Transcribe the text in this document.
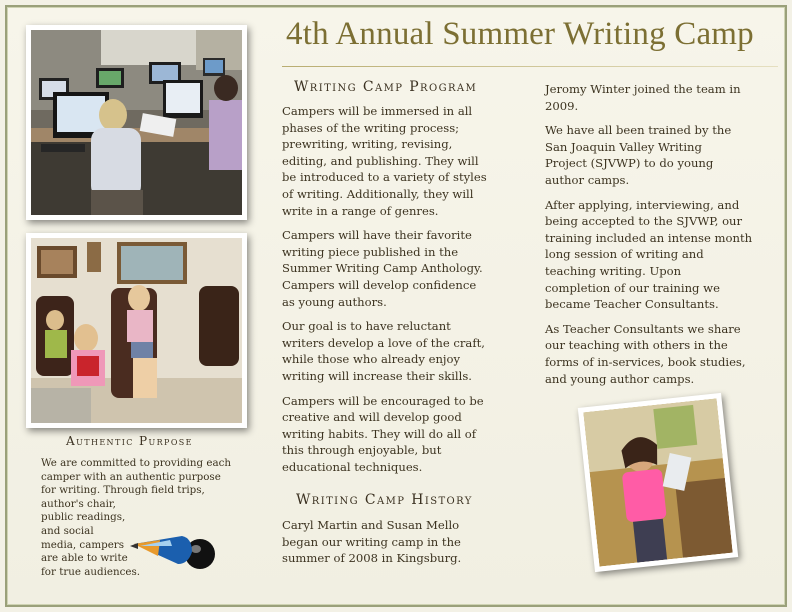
4th Annual Summer Writing Camp
Authentic Purpose
We are committed to providing each
camper with an authentic purpose
for writing. Through field trips,
author's chair,
public readings,
and social
media, campers
are able to write
for true audiences.
Writing Camp Program

Campers will be immersed in all
phases of the writing process;
prewriting, writing, revising,
editing, and publishing. They will
be introduced to a variety of styles
of writing. Additionally, they will
write in a range of genres.

Campers will have their favorite
writing piece published in the
Summer Writing Camp Anthology.
Campers will develop confidence
as young authors.

Our goal is to have reluctant
writers develop a love of the craft,
while those who already enjoy
writing will increase their skills.

Campers will be encouraged to be
creative and will develop good
writing habits. They will do all of
this through enjoyable, but
educational techniques.

Writing Camp History

Caryl Martin and Susan Mello
began our writing camp in the
summer of 2008 in Kingsburg.

Jeromy Winter joined the team in
2009.

We have all been trained by the
San Joaquin Valley Writing
Project (SJVWP) to do young
author camps.

After applying, interviewing, and
being accepted to the SJVWP, our
training included an intense month
long session of writing and
teaching writing. Upon
completion of our training we
became Teacher Consultants.

As Teacher Consultants we share
our teaching with others in the
forms of in-services, book studies,
and young author camps.
